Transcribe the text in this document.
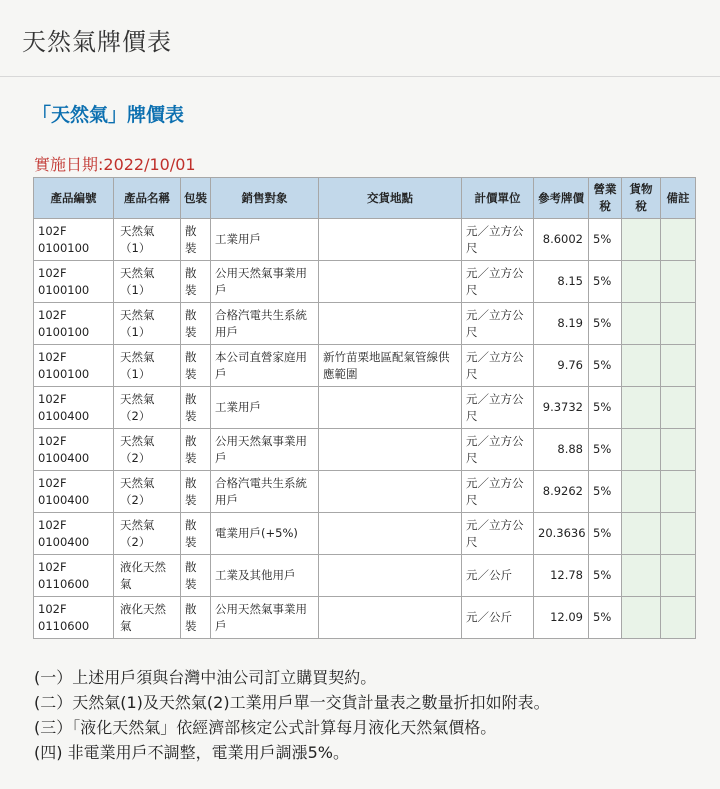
天然氣牌價表
「天然氣」牌價表
實施日期:2022/10/01
產品編號	產品名稱	包裝	銷售對象	交貨地點	計價單位	參考牌價	營業稅	貨物稅	備註
102F 0100100	天然氣（1）	散裝	工業用戶		元／立方公尺	8.6002	5%		
102F 0100100	天然氣（1）	散裝	公用天然氣事業用戶		元／立方公尺	8.15	5%		
102F 0100100	天然氣（1）	散裝	合格汽電共生系統用戶		元／立方公尺	8.19	5%		
102F 0100100	天然氣（1）	散裝	本公司直營家庭用戶	新竹苗栗地區配氣管線供應範圍	元／立方公尺	9.76	5%		
102F 0100400	天然氣（2）	散裝	工業用戶		元／立方公尺	9.3732	5%		
102F 0100400	天然氣（2）	散裝	公用天然氣事業用戶		元／立方公尺	8.88	5%		
102F 0100400	天然氣（2）	散裝	合格汽電共生系統用戶		元／立方公尺	8.9262	5%		
102F 0100400	天然氣（2）	散裝	電業用戶(+5%)		元／立方公尺	20.3636	5%		
102F 0110600	液化天然氣	散裝	工業及其他用戶		元／公斤	12.78	5%		
102F 0110600	液化天然氣	散裝	公用天然氣事業用戶		元／公斤	12.09	5%		
(一）上述用戶須與台灣中油公司訂立購買契約。
(二）天然氣(1)及天然氣(2)工業用戶單一交貨計量表之數量折扣如附表。
(三）「液化天然氣」依經濟部核定公式計算每月液化天然氣價格。
(四) 非電業用戶不調整，電業用戶調漲5%。
